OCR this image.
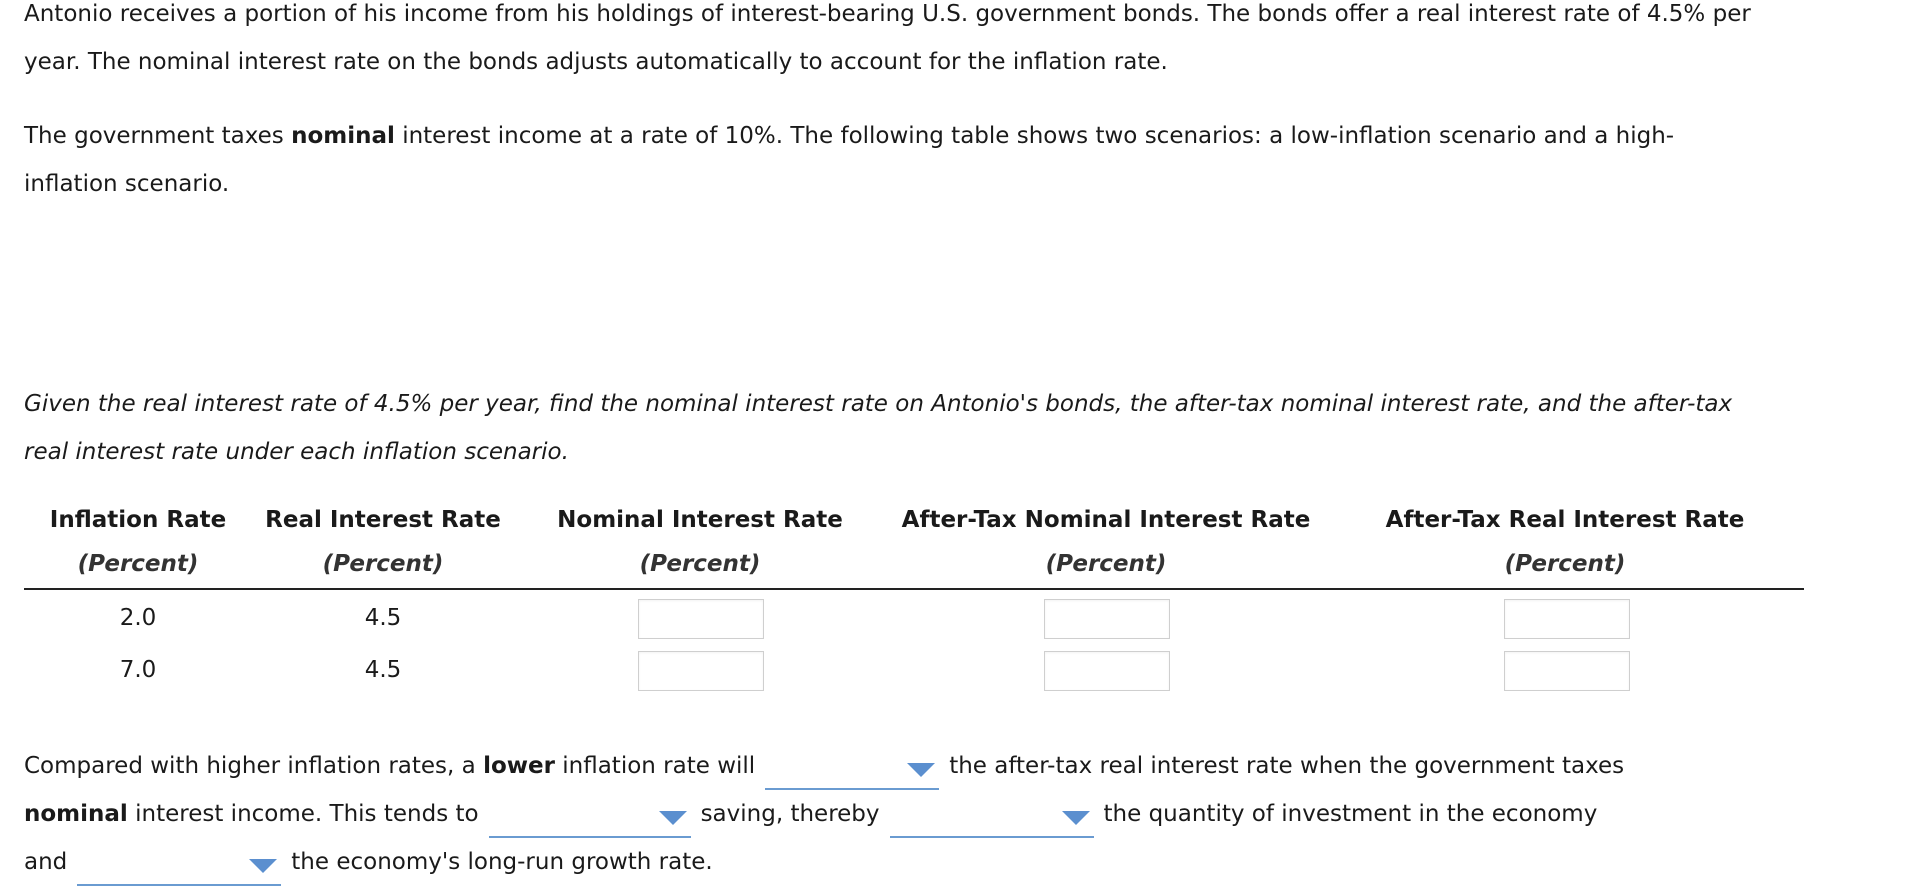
Antonio receives a portion of his income from his holdings of interest-bearing U.S. government bonds. The bonds offer a real interest rate of 4.5% per
year. The nominal interest rate on the bonds adjusts automatically to account for the inflation rate.

The government taxes nominal interest income at a rate of 10%. The following table shows two scenarios: a low-inflation scenario and a high-
inflation scenario.

Given the real interest rate of 4.5% per year, find the nominal interest rate on Antonio's bonds, the after-tax nominal interest rate, and the after-tax
real interest rate under each inflation scenario.

Inflation Rate	Real Interest Rate	Nominal Interest Rate	After-Tax Nominal Interest Rate	After-Tax Real Interest Rate
(Percent)	(Percent)	(Percent)	(Percent)	(Percent)
2.0	4.5
7.0	4.5
Compared with higher inflation rates, a lower inflation rate will	the after-tax real interest rate when the government taxes
nominal interest income. This tends to	saving, thereby	the quantity of investment in the economy
and	the economy's long-run growth rate.
